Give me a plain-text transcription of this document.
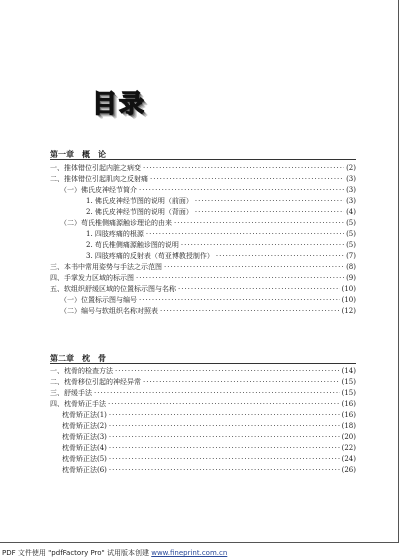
目录
第一章　概　论
一、推体错位引起内脏之病变 ·····	(2)
二、推体错位引起肌肉之反射痛 ·····	(3)
（一）佛氏皮神经节简介 ·····	(3)
1. 佛氏皮神经节图的说明（前面） ·····	(3)
2. 佛氏皮神经节图的说明（背面） ·····	(4)
（二）苟氏椎侧痛源触诊理论的由来 ·····	(5)
1. 四肢疼痛的根源 ·····	(5)
2. 苟氏椎侧痛源触诊图的说明 ·····	(5)
3. 四肢疼痛的反射表（苟亚博教授制作） ·····	(7)
三、本书中常用姿势与手法之示范图 ·····	(8)
四、手掌发力区域的标示图 ·····	(9)
五、软组织舒缓区域的位置标示图与名称 ·····	(10)
（一）位置标示图与编号 ·····	(10)
（二）编号与软组织名称对照表 ·····	(12)
第二章　枕　骨
一、枕骨的检查方法 ·····	(14)
二、枕骨移位引起的神经异常 ·····	(15)
三、舒缓手法 ·····	(15)
四、枕骨矫正手法 ·····	(16)
枕骨矫正法(1) ·····	(16)
枕骨矫正法(2) ·····	(18)
枕骨矫正法(3) ·····	(20)
枕骨矫正法(4) ·····	(22)
枕骨矫正法(5) ·····	(24)
枕骨矫正法(6) ·····	(26)
PDF 文件使用 "pdfFactory Pro" 试用版本创建 www.fineprint.com.cn
